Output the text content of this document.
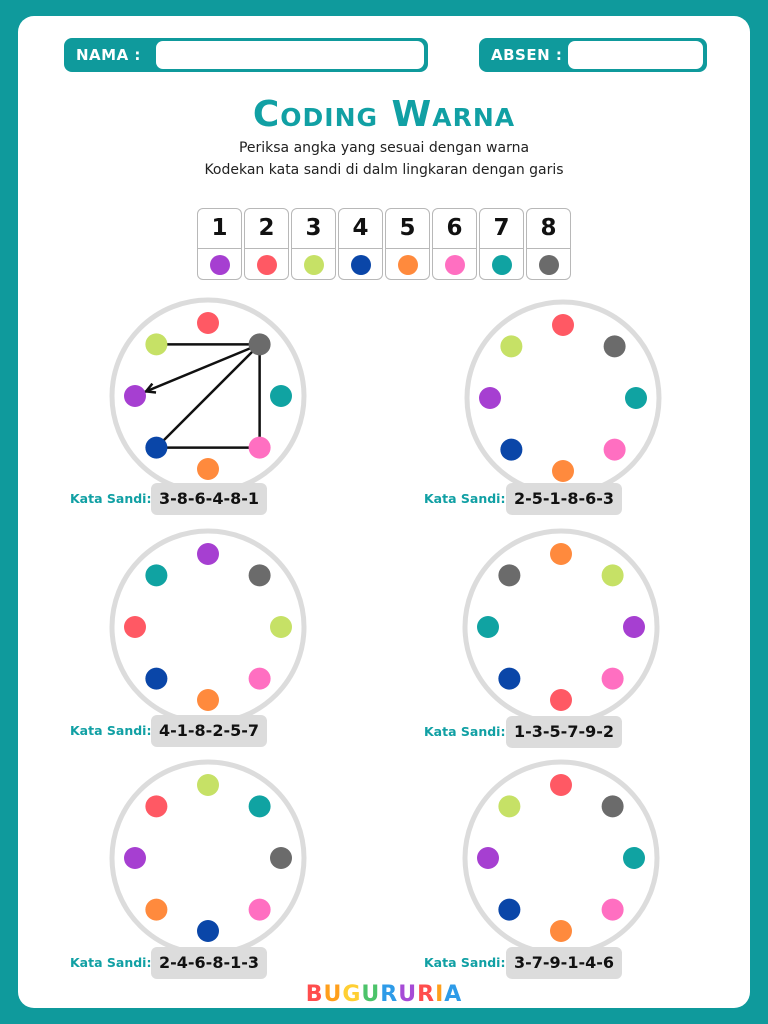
NAMA :	ABSEN :
Coding Warna
Periksa angka yang sesuai dengan warna
Kodekan kata sandi di dalm lingkaran dengan garis
1	2	3	4	5	6	7	8
Kata Sandi: 3-8-6-4-8-1	Kata Sandi: 2-5-1-8-6-3
Kata Sandi: 4-1-8-2-5-7	Kata Sandi: 1-3-5-7-9-2
Kata Sandi: 2-4-6-8-1-3	Kata Sandi: 3-7-9-1-4-6
BUGURURIA
